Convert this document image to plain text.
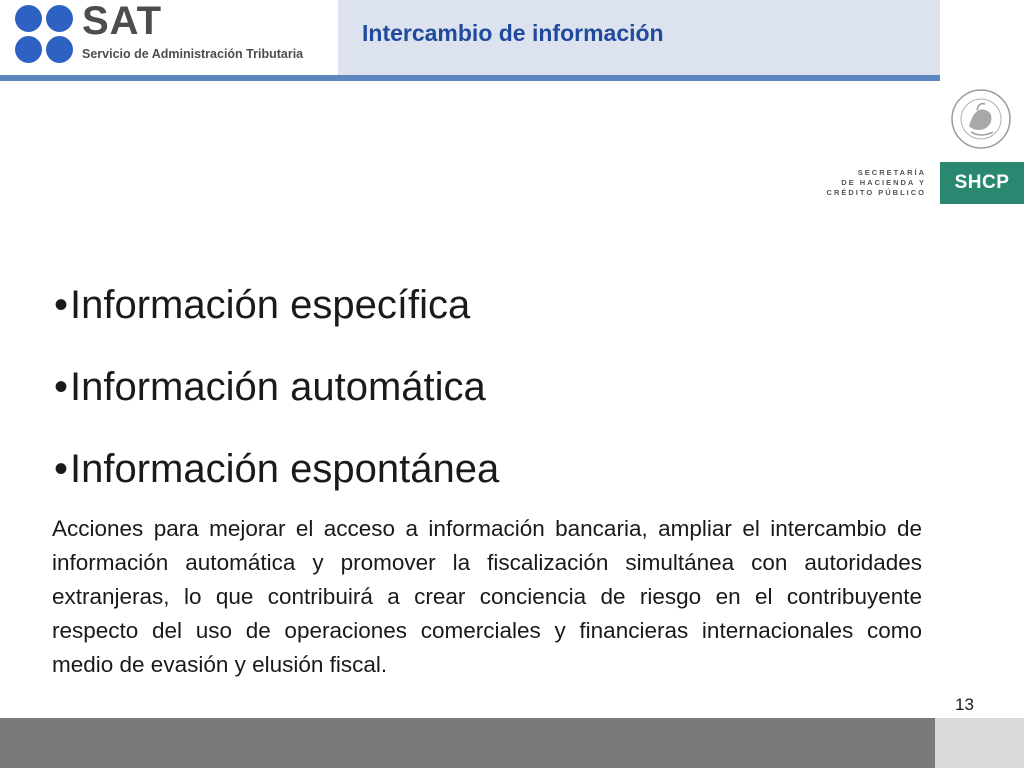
SAT
Servicio de Administración Tributaria
Intercambio de información
SECRETARÍA
DE HACIENDA Y
CRÉDITO PÚBLICO	SHCP
•Información específica
•Información automática
•Información espontánea

Acciones para mejorar el acceso a información bancaria, ampliar el intercambio de información automática y promover la fiscalización simultánea con autoridades extranjeras, lo que contribuirá a crear conciencia de riesgo en el contribuyente respecto del uso de operaciones comerciales y financieras internacionales como medio de evasión y elusión fiscal.

13
